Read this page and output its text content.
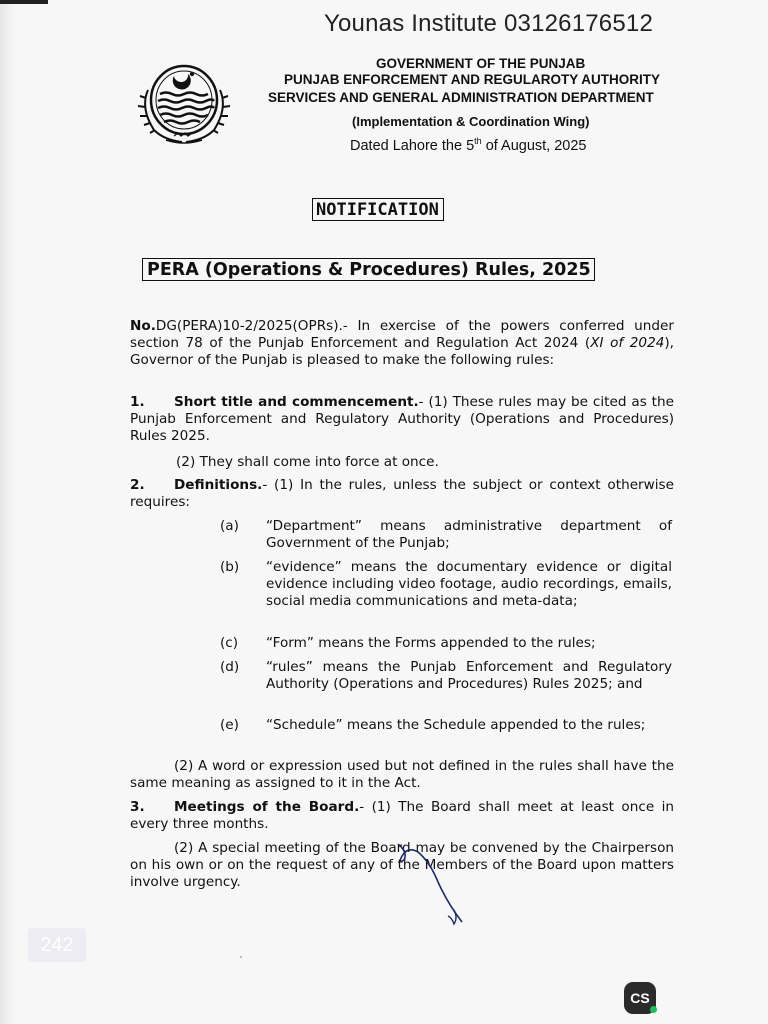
Younas Institute 03126176512
GOVERNMENT OF THE PUNJAB
PUNJAB ENFORCEMENT AND REGULAROTY AUTHORITY
SERVICES AND GENERAL ADMINISTRATION DEPARTMENT
(Implementation & Coordination Wing)
Dated Lahore the 5th of August, 2025
NOTIFICATION
PERA (Operations & Procedures) Rules, 2025
No.DG(PERA)10-2/2025(OPRs).- In exercise of the powers conferred under section 78 of the Punjab Enforcement and Regulation Act 2024 (XI of 2024), Governor of the Punjab is pleased to make the following rules:
1. Short title and commencement.- (1) These rules may be cited as the Punjab Enforcement and Regulatory Authority (Operations and Procedures) Rules 2025.
(2) They shall come into force at once.
2. Definitions.- (1) In the rules, unless the subject or context otherwise requires:
(a)	“Department” means administrative department of Government of the Punjab;
(b)	“evidence” means the documentary evidence or digital evidence including video footage, audio recordings, emails, social media communications and meta-data;
(c)	“Form” means the Forms appended to the rules;
(d)	“rules” means the Punjab Enforcement and Regulatory Authority (Operations and Procedures) Rules 2025; and
(e)	“Schedule” means the Schedule appended to the rules;
(2) A word or expression used but not defined in the rules shall have the same meaning as assigned to it in the Act.
3. Meetings of the Board.- (1) The Board shall meet at least once in every three months.
(2) A special meeting of the Board may be convened by the Chairperson on his own or on the request of any of the Members of the Board upon matters involve urgency.
242
CS
